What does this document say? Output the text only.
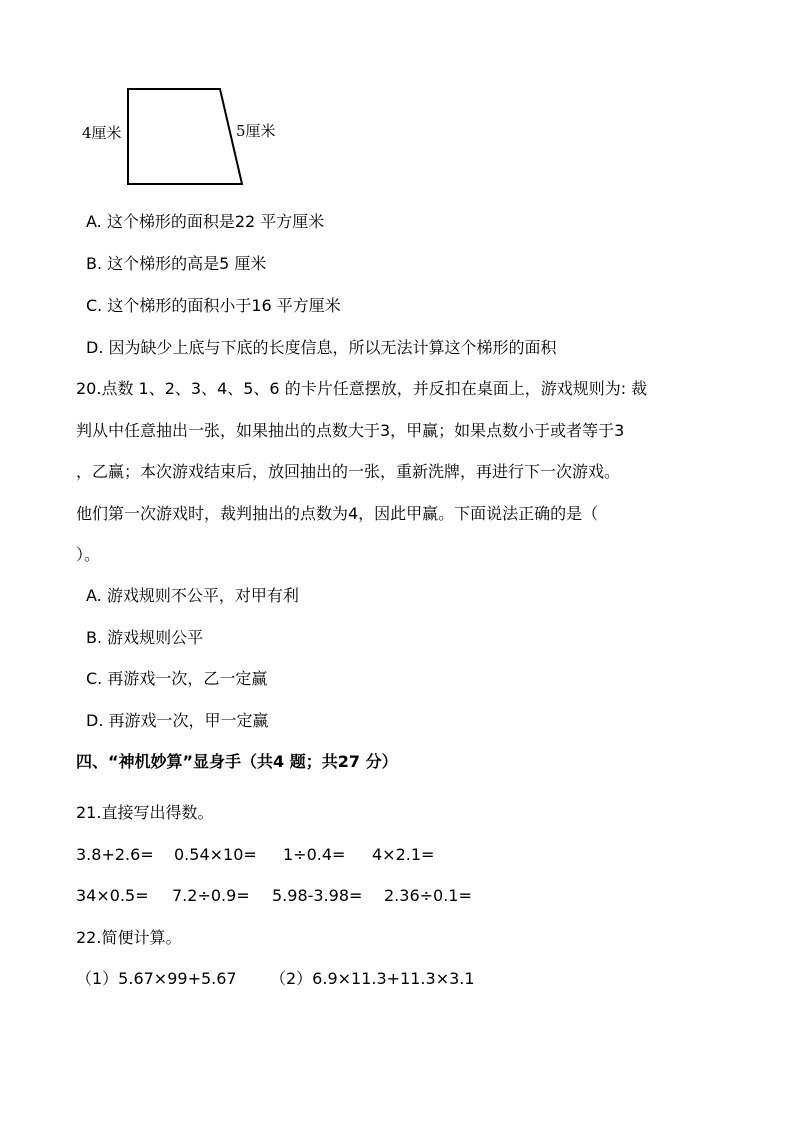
4厘米	5厘米
A. 这个梯形的面积是22 平方厘米
B. 这个梯形的高是5 厘米
C. 这个梯形的面积小于16 平方厘米
D. 因为缺少上底与下底的长度信息，所以无法计算这个梯形的面积
20.点数 1、2、3、4、5、6 的卡片任意摆放，并反扣在桌面上，游戏规则为: 裁
判从中任意抽出一张，如果抽出的点数大于3，甲赢；如果点数小于或者等于3
，乙赢；本次游戏结束后，放回抽出的一张，重新洗牌，再进行下一次游戏。
他们第一次游戏时，裁判抽出的点数为4，因此甲赢。下面说法正确的是（
）。
A. 游戏规则不公平，对甲有利
B. 游戏规则公平
C. 再游戏一次，乙一定赢
D. 再游戏一次，甲一定赢
四、“神机妙算”显身手（共4 题；共27 分）
21.直接写出得数。
3.8+2.6= 0.54×10= 1÷0.4= 4×2.1=
34×0.5= 7.2÷0.9= 5.98-3.98= 2.36÷0.1=
22.简便计算。
（1）5.67×99+5.67 （2）6.9×11.3+11.3×3.1
